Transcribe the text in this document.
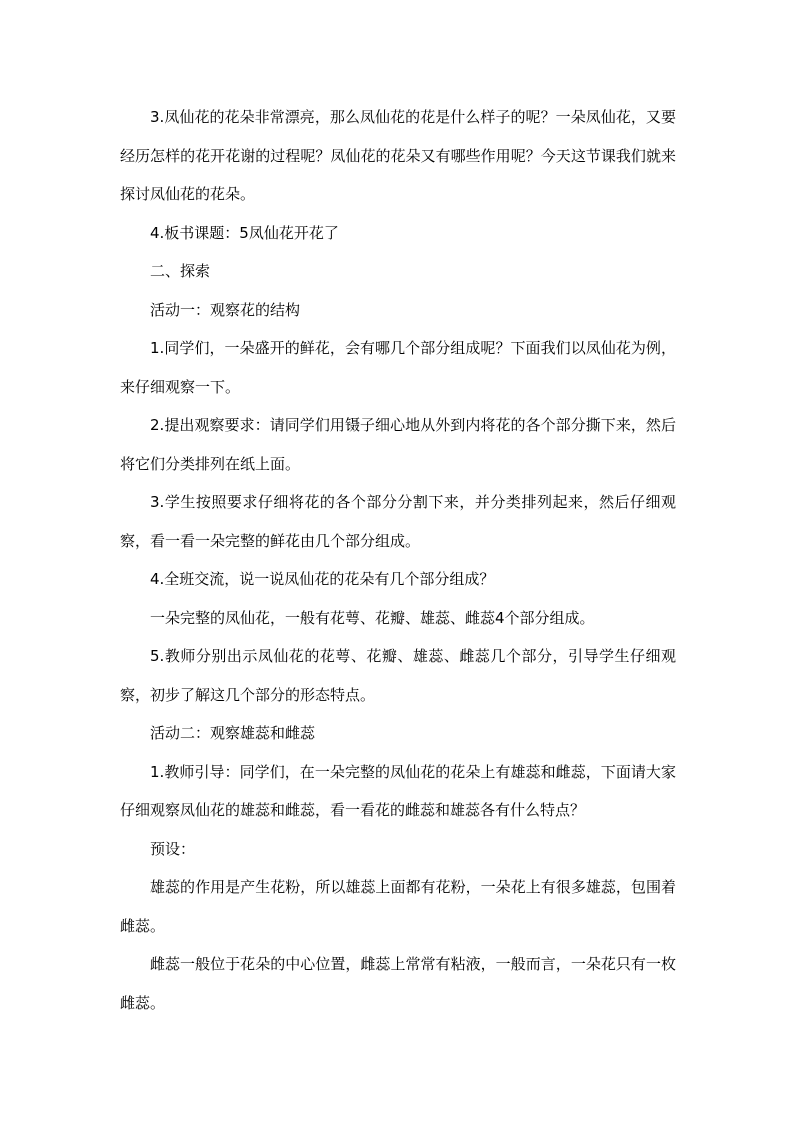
3.凤仙花的花朵非常漂亮，那么凤仙花的花是什么样子的呢？一朵凤仙花，又要经历怎样的花开花谢的过程呢？凤仙花的花朵又有哪些作用呢？今天这节课我们就来探讨凤仙花的花朵。

4.板书课题：5凤仙花开花了

二、探索

活动一：观察花的结构

1.同学们，一朵盛开的鲜花，会有哪几个部分组成呢？下面我们以凤仙花为例，来仔细观察一下。

2.提出观察要求：请同学们用镊子细心地从外到内将花的各个部分撕下来，然后将它们分类排列在纸上面。

3.学生按照要求仔细将花的各个部分分割下来，并分类排列起来，然后仔细观察，看一看一朵完整的鲜花由几个部分组成。

4.全班交流，说一说凤仙花的花朵有几个部分组成？

一朵完整的凤仙花，一般有花萼、花瓣、雄蕊、雌蕊4个部分组成。

5.教师分别出示凤仙花的花萼、花瓣、雄蕊、雌蕊几个部分，引导学生仔细观察，初步了解这几个部分的形态特点。

活动二：观察雄蕊和雌蕊

1.教师引导：同学们，在一朵完整的凤仙花的花朵上有雄蕊和雌蕊，下面请大家仔细观察凤仙花的雄蕊和雌蕊，看一看花的雌蕊和雄蕊各有什么特点？

预设：

雄蕊的作用是产生花粉，所以雄蕊上面都有花粉，一朵花上有很多雄蕊，包围着雌蕊。

雌蕊一般位于花朵的中心位置，雌蕊上常常有粘液，一般而言，一朵花只有一枚雌蕊。
